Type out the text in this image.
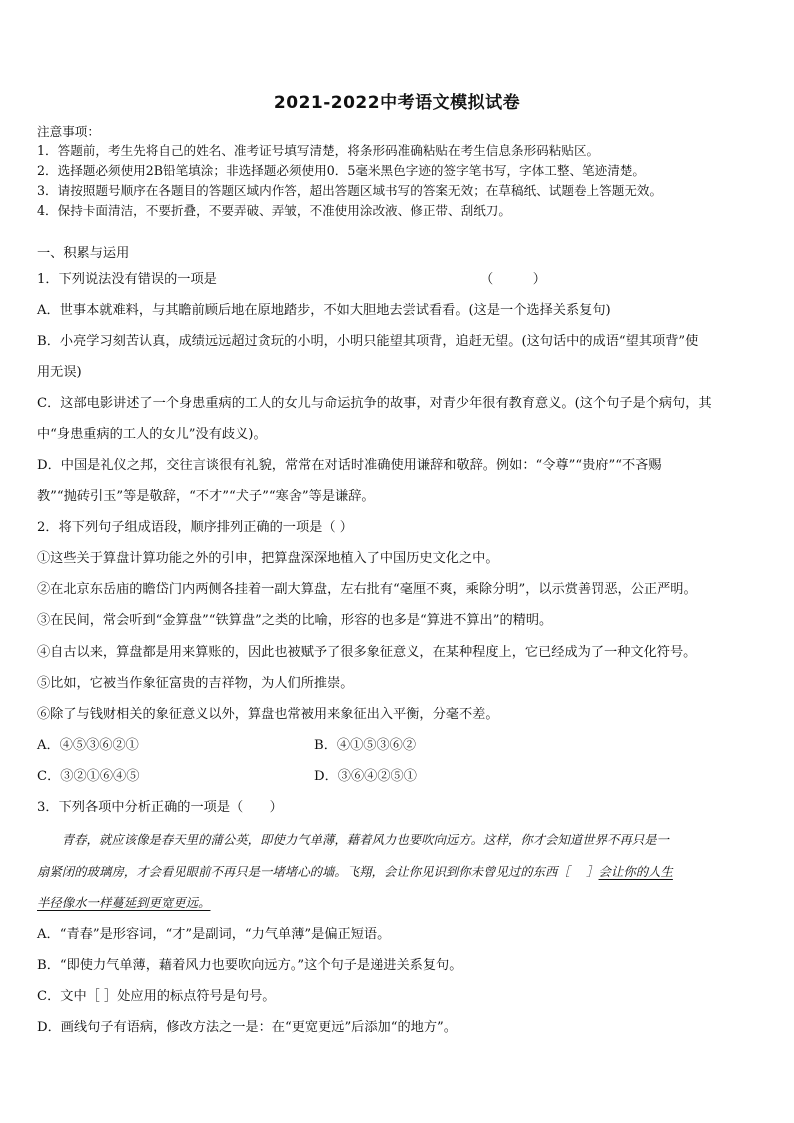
2021-2022中考语文模拟试卷
注意事项：
1．答题前，考生先将自己的姓名、准考证号填写清楚，将条形码准确粘贴在考生信息条形码粘贴区。
2．选择题必须使用2B铅笔填涂；非选择题必须使用0．5毫米黑色字迹的签字笔书写，字体工整、笔迹清楚。
3．请按照题号顺序在各题目的答题区域内作答，超出答题区域书写的答案无效；在草稿纸、试题卷上答题无效。
4．保持卡面清洁，不要折叠，不要弄破、弄皱，不准使用涂改液、修正带、刮纸刀。
一、积累与运用
1．下列说法没有错误的一项是	（　　　）
A．世事本就难料，与其瞻前顾后地在原地踏步，不如大胆地去尝试看看。(这是一个选择关系复句)
B．小亮学习刻苦认真，成绩远远超过贪玩的小明，小明只能望其项背，追赶无望。(这句话中的成语“望其项背”使
用无误)
C．这部电影讲述了一个身患重病的工人的女儿与命运抗争的故事，对青少年很有教育意义。(这个句子是个病句，其
中“身患重病的工人的女儿”没有歧义)。
D．中国是礼仪之邦，交往言谈很有礼貌，常常在对话时准确使用谦辞和敬辞。例如：“令尊”“贵府”“不吝赐
教”“抛砖引玉”等是敬辞，“不才”“犬子”“寒舍”等是谦辞。
2．将下列句子组成语段，顺序排列正确的一项是（ ）
①这些关于算盘计算功能之外的引申，把算盘深深地植入了中国历史文化之中。
②在北京东岳庙的瞻岱门内两侧各挂着一副大算盘，左右批有“毫厘不爽，乘除分明”，以示赏善罚恶，公正严明。
③在民间，常会听到“金算盘”“铁算盘”之类的比喻，形容的也多是“算进不算出”的精明。
④自古以来，算盘都是用来算账的，因此也被赋予了很多象征意义，在某种程度上，它已经成为了一种文化符号。
⑤比如，它被当作象征富贵的吉祥物，为人们所推崇。
⑥除了与钱财相关的象征意义以外，算盘也常被用来象征出入平衡，分毫不差。
A．④⑤③⑥②①	B．④①⑤③⑥②
C．③②①⑥④⑤	D．③⑥④②⑤①
3．下列各项中分析正确的一项是（　　）
　　青春，就应该像是春天里的蒲公英，即使力气单薄，藉着风力也要吹向远方。这样，你才会知道世界不再只是一
扇紧闭的玻璃房，才会看见眼前不再只是一堵堵心的墙。飞翔，会让你见识到你未曾见过的东西［　 ］会让你的人生
半径像水一样蔓延到更宽更远。
A．“青春”是形容词，“才”是副词，“力气单薄”是偏正短语。
B．“即使力气单薄，藉着风力也要吹向远方。”这个句子是递进关系复句。
C．文中［ ］处应用的标点符号是句号。
D．画线句子有语病，修改方法之一是：在“更宽更远”后添加“的地方”。
